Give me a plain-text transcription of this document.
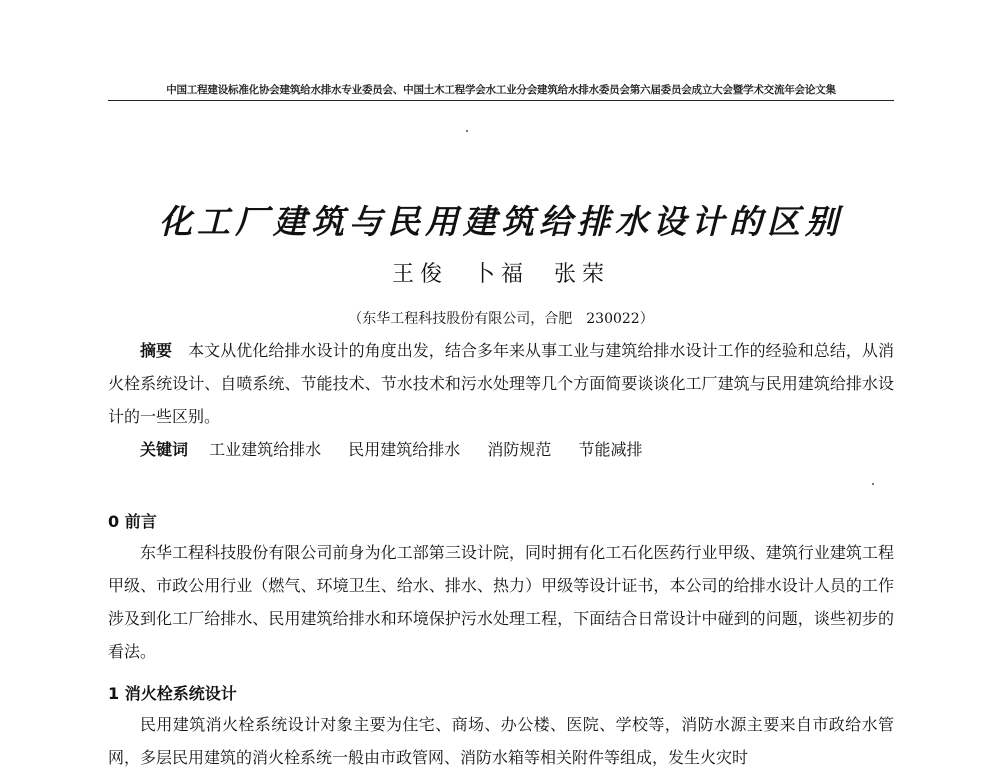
中国工程建设标准化协会建筑给水排水专业委员会、中国土木工程学会水工业分会建筑给水排水委员会第六届委员会成立大会暨学术交流年会论文集
化工厂建筑与民用建筑给排水设计的区别
王俊 卜福 张荣
（东华工程科技股份有限公司，合肥　230022）

摘要　 本文从优化给排水设计的角度出发，结合多年来从事工业与建筑给排水设计工作的经验和总结，从消火栓系统设计、自喷系统、节能技术、节水技术和污水处理等几个方面简要谈谈化工厂建筑与民用建筑给排水设计的一些区别。

关键词　 工业建筑给排水 民用建筑给排水 消防规范 节能减排
0 前言

东华工程科技股份有限公司前身为化工部第三设计院，同时拥有化工石化医药行业甲级、建筑行业建筑工程甲级、市政公用行业（燃气、环境卫生、给水、排水、热力）甲级等设计证书，本公司的给排水设计人员的工作涉及到化工厂给排水、民用建筑给排水和环境保护污水处理工程，下面结合日常设计中碰到的问题，谈些初步的看法。

1 消火栓系统设计

民用建筑消火栓系统设计对象主要为住宅、商场、办公楼、医院、学校等，消防水源主要来自市政给水管网，多层民用建筑的消火栓系统一般由市政管网、消防水箱等相关附件等组成，发生火灾时
